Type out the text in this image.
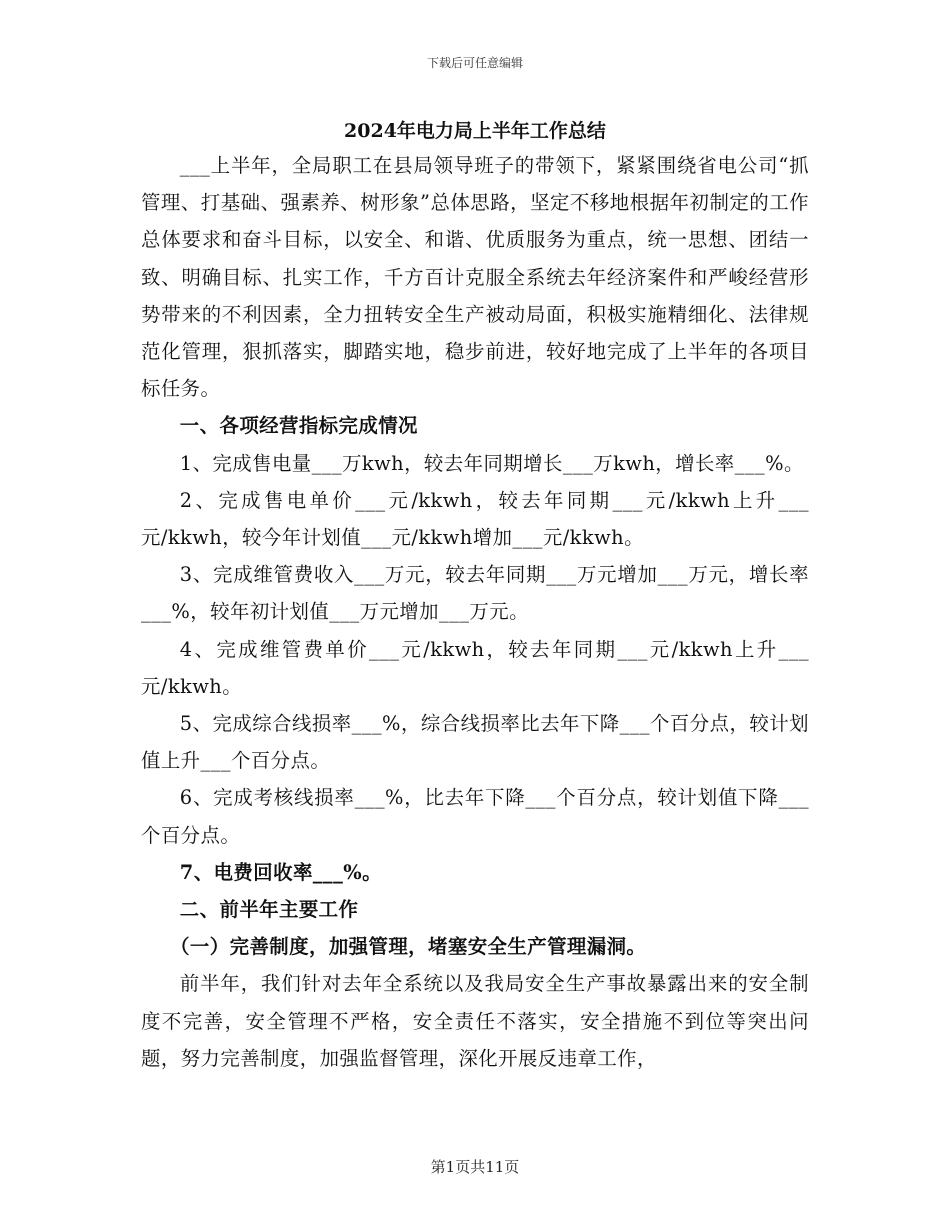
下载后可任意编辑
2024年电力局上半年工作总结

___上半年，全局职工在县局领导班子的带领下，紧紧围绕省电公司“抓管理、打基础、强素养、树形象”总体思路，坚定不移地根据年初制定的工作总体要求和奋斗目标，以安全、和谐、优质服务为重点，统一思想、团结一致、明确目标、扎实工作，千方百计克服全系统去年经济案件和严峻经营形势带来的不利因素，全力扭转安全生产被动局面，积极实施精细化、法律规范化管理，狠抓落实，脚踏实地，稳步前进，较好地完成了上半年的各项目标任务。

一、各项经营指标完成情况

1、完成售电量___万kwh，较去年同期增长___万kwh，增长率___%。

2、完成售电单价___元/kkwh，较去年同期___元/kkwh上升___元/kkwh，较今年计划值___元/kkwh增加___元/kkwh。

3、完成维管费收入___万元，较去年同期___万元增加___万元，增长率___%，较年初计划值___万元增加___万元。

4、完成维管费单价___元/kkwh，较去年同期___元/kkwh上升___元/kkwh。

5、完成综合线损率___%，综合线损率比去年下降___个百分点，较计划值上升___个百分点。

6、完成考核线损率___%，比去年下降___个百分点，较计划值下降___个百分点。

7、电费回收率___%。

二、前半年主要工作

（一）完善制度，加强管理，堵塞安全生产管理漏洞。

前半年，我们针对去年全系统以及我局安全生产事故暴露出来的安全制度不完善，安全管理不严格，安全责任不落实，安全措施不到位等突出问题，努力完善制度，加强监督管理，深化开展反违章工作，

第1页共11页
